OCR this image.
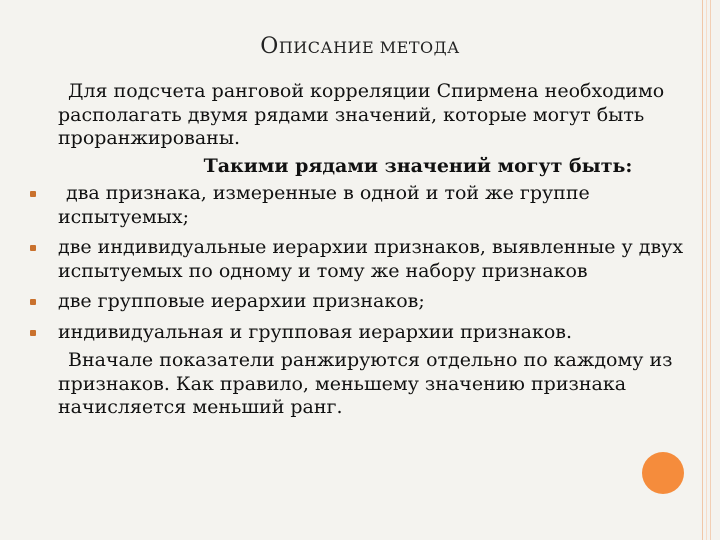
ОПИСАНИЕ МЕТОДА

Для подсчета ранговой корреляции Спирмена необходимо располагать двумя рядами значений, которые могут быть проранжированы.

Такими рядами значений могут быть:

два признака, измеренные в одной и той же группе испытуемых;
две индивидуальные иерархии признаков, выявленные у двух испытуемых по одному и тому же набору признаков
две групповые иерархии признаков;
индивидуальная и групповая иерархии признаков.

Вначале показатели ранжируются отдельно по каждому из признаков. Как правило, меньшему значению признака начисляется меньший ранг.
